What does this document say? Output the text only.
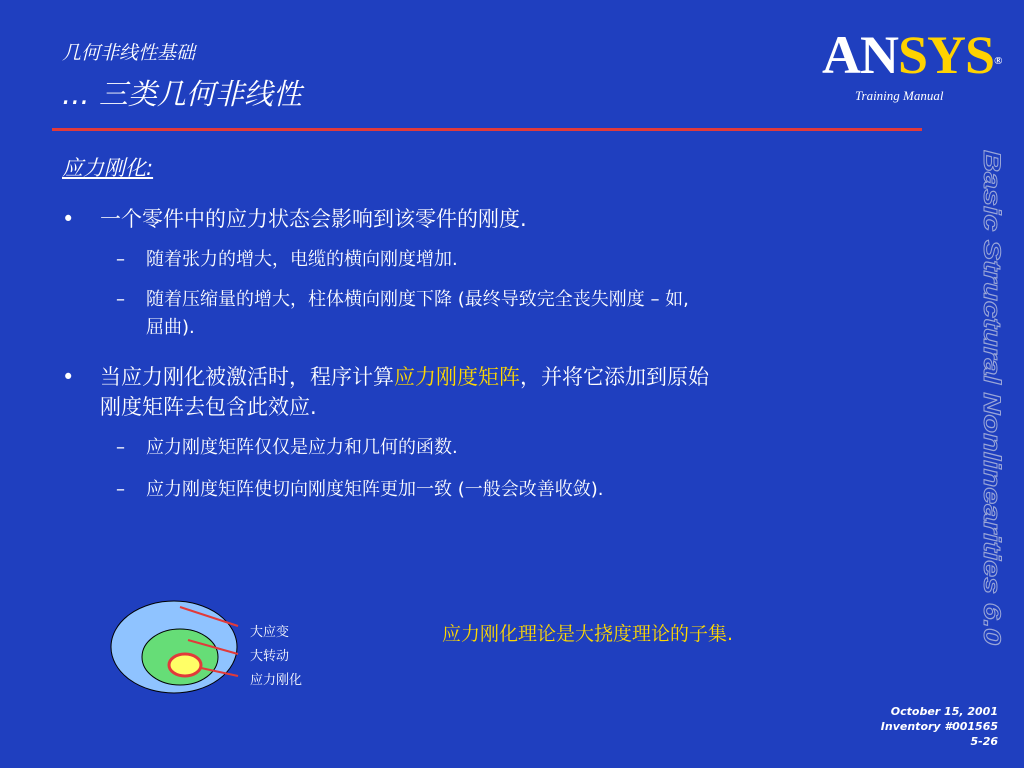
几何非线性基础
... 三类几何非线性
ANSYS®
Training Manual
Basic Structural Nonlinearities 6.0
应力刚化:
• 一个零件中的应力状态会影响到该零件的刚度.
– 随着张力的增大，电缆的横向刚度增加.
– 随着压缩量的增大，柱体横向刚度下降 (最终导致完全丧失刚度 – 如,
屈曲).
• 当应力刚化被激活时，程序计算应力刚度矩阵，并将它添加到原始
刚度矩阵去包含此效应.
– 应力刚度矩阵仅仅是应力和几何的函数.
– 应力刚度矩阵使切向刚度矩阵更加一致 (一般会改善收敛).
大应变
大转动
应力刚化
应力刚化理论是大挠度理论的子集.
October 15, 2001
Inventory #001565
5-26
